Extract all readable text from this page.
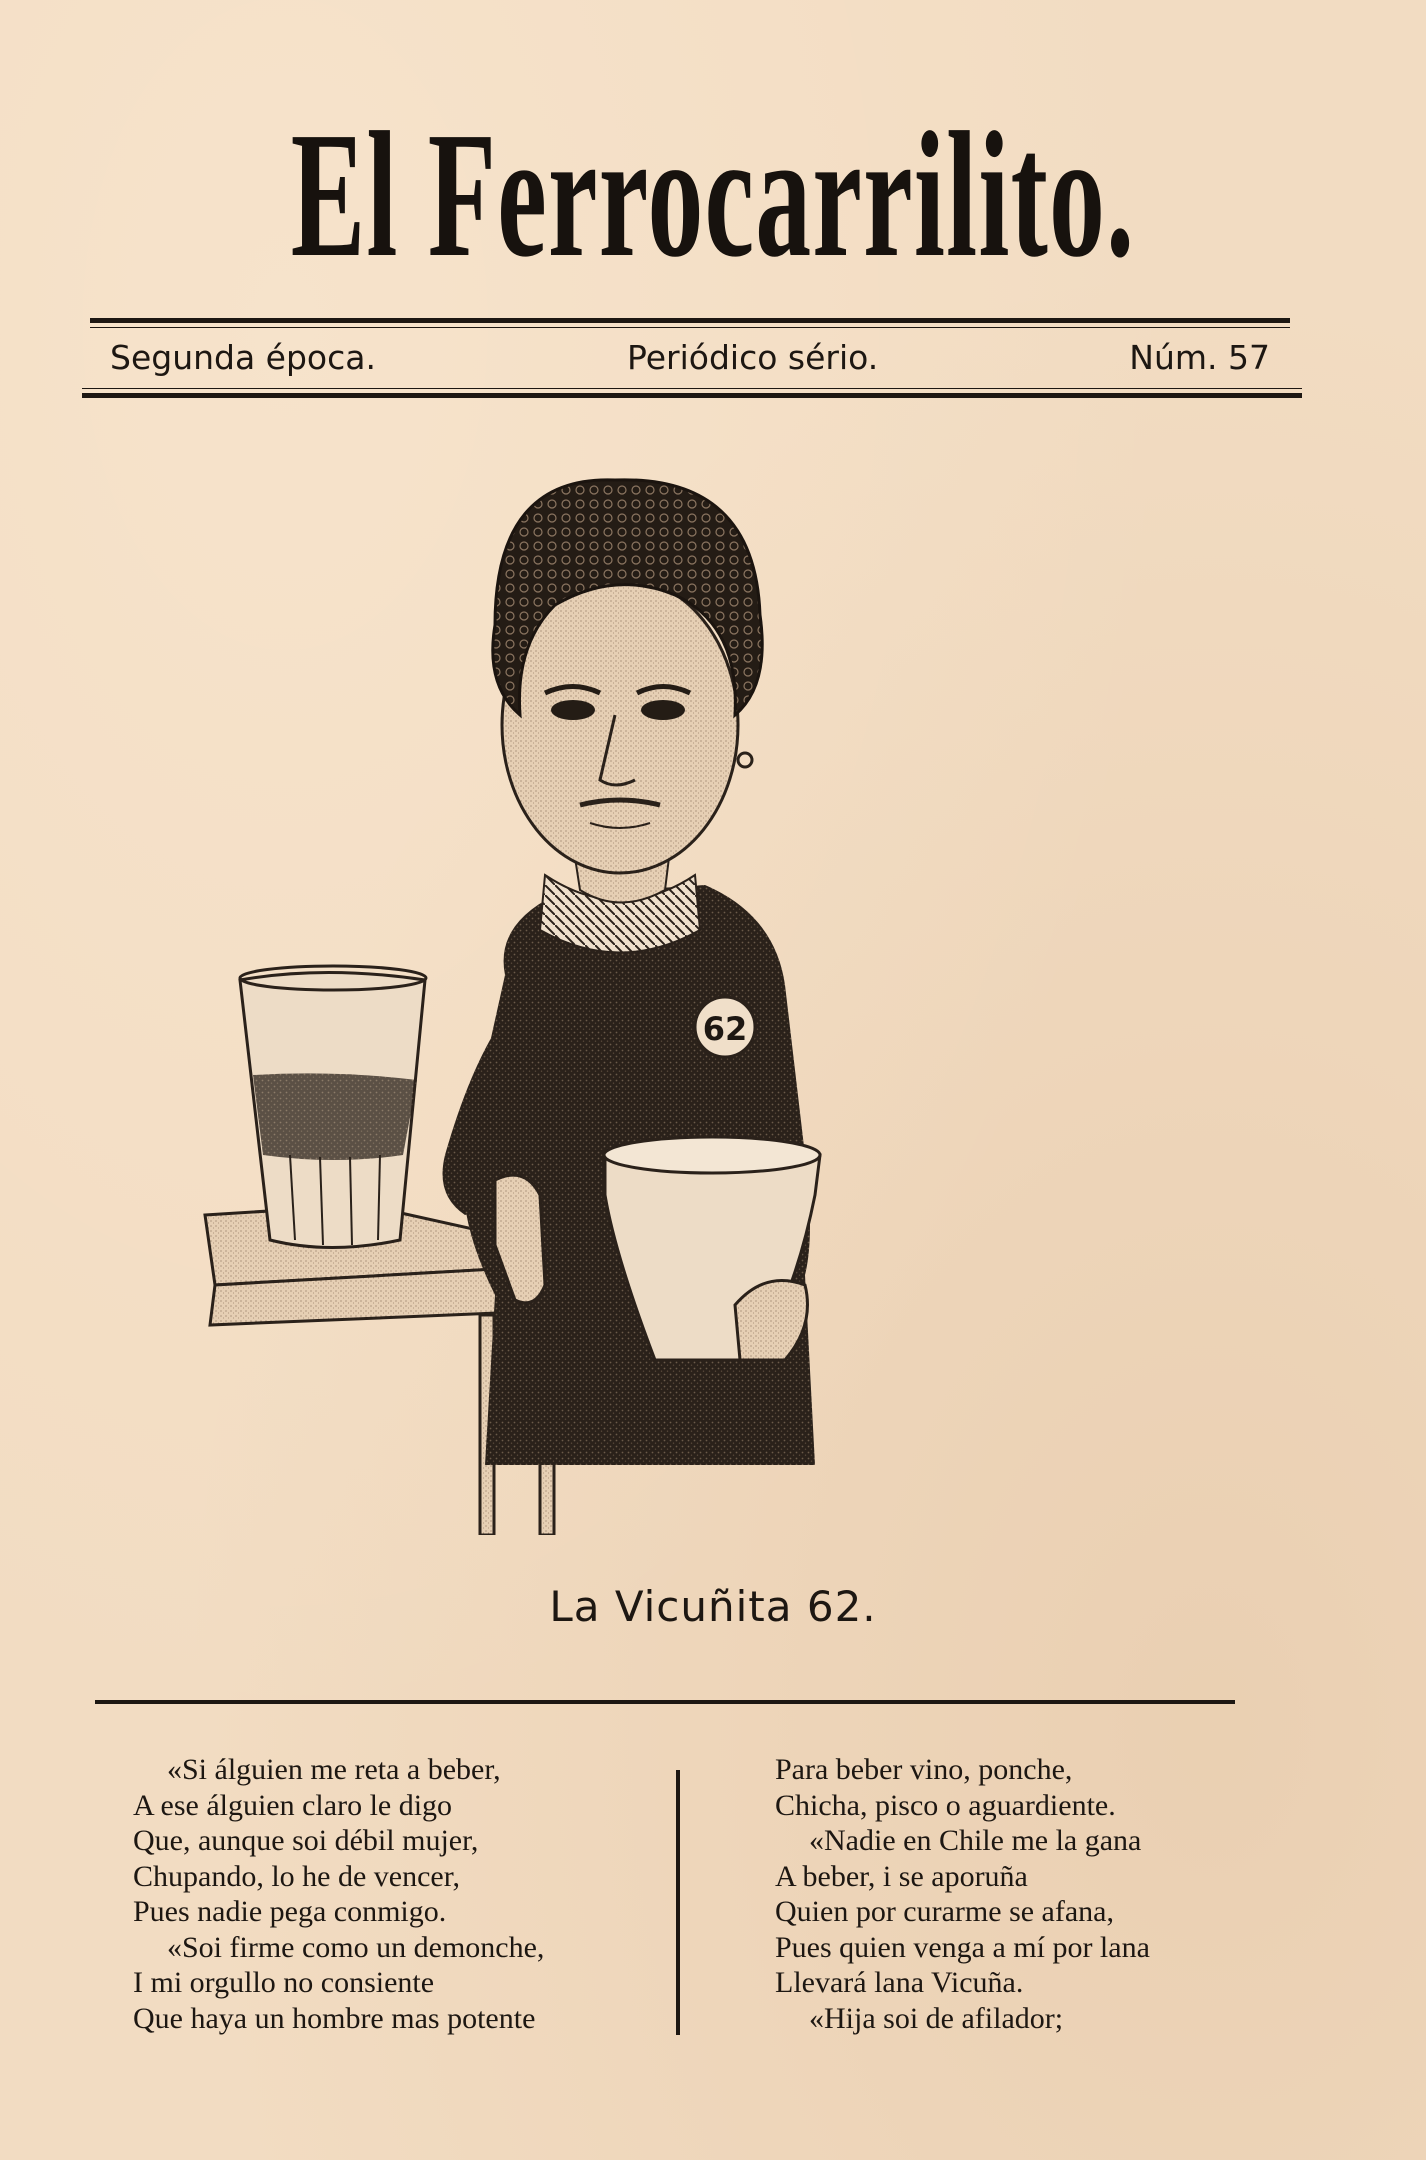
El Ferrocarrilito.
Segunda época.	Periódico sério.	Núm. 57
62
La Vicuñita 62.
«Si álguien me reta a beber,
A ese álguien claro le digo
Que, aunque soi débil mujer,
Chupando, lo he de vencer,
Pues nadie pega conmigo.
«Soi firme como un demonche,
I mi orgullo no consiente
Que haya un hombre mas potente
Para beber vino, ponche,
Chicha, pisco o aguardiente.
«Nadie en Chile me la gana
A beber, i se aporuña
Quien por curarme se afana,
Pues quien venga a mí por lana
Llevará lana Vicuña.
«Hija soi de afilador;
